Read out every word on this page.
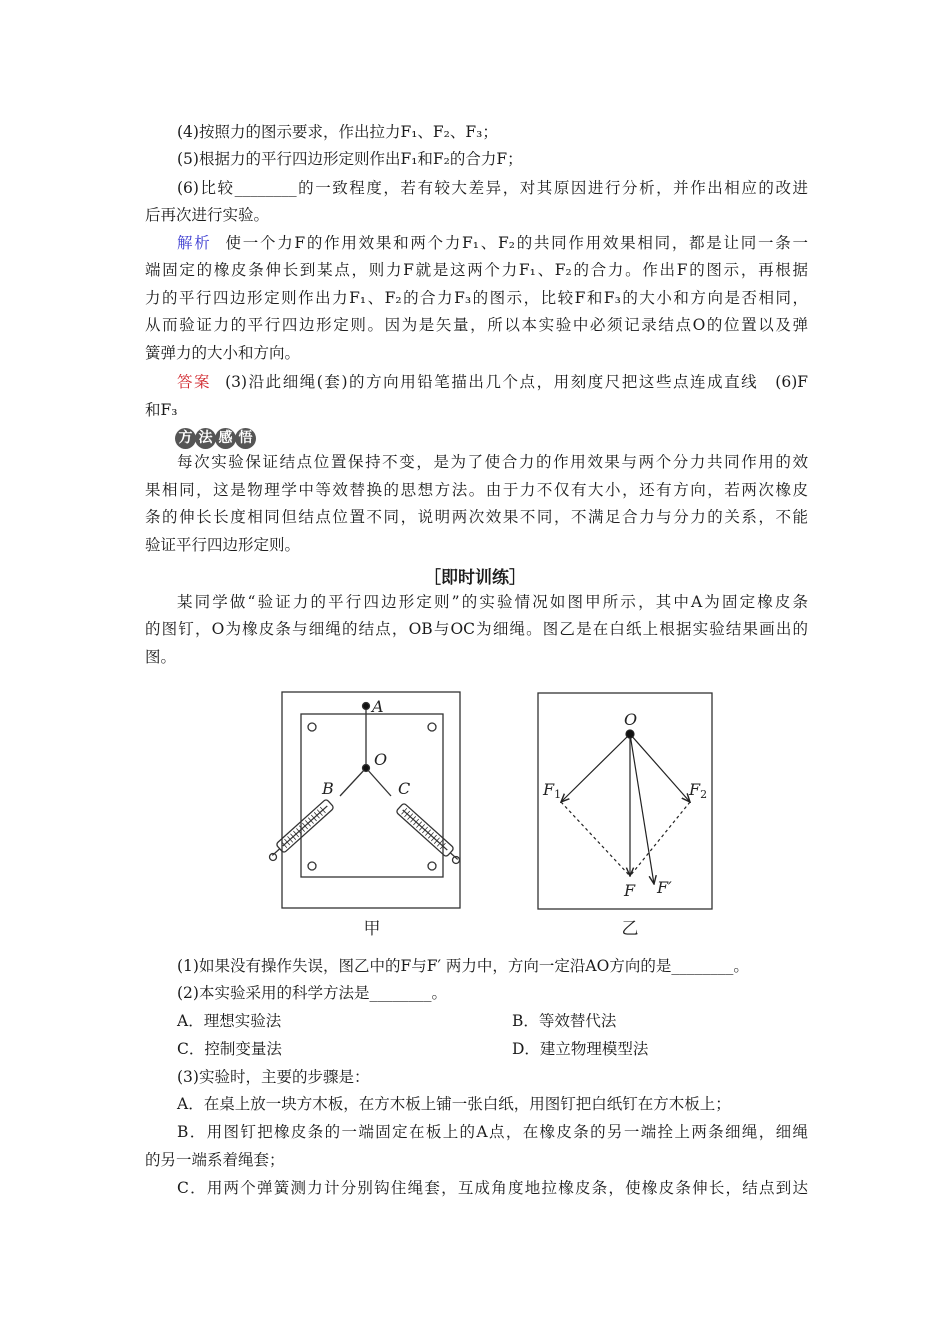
(4)按照力的图示要求，作出拉力F₁、F₂、F₃；
(5)根据力的平行四边形定则作出F₁和F₂的合力F；
(6)比较________的一致程度，若有较大差异，对其原因进行分析，并作出相应的改进
后再次进行实验。
解析 使一个力F的作用效果和两个力F₁、F₂的共同作用效果相同，都是让同一条一
端固定的橡皮条伸长到某点，则力F就是这两个力F₁、F₂的合力。作出F的图示，再根据
力的平行四边形定则作出力F₁、F₂的合力F₃的图示，比较F和F₃的大小和方向是否相同，
从而验证力的平行四边形定则。因为是矢量，所以本实验中必须记录结点O的位置以及弹
簧弹力的大小和方向。
答案 (3)沿此细绳(套)的方向用铅笔描出几个点，用刻度尺把这些点连成直线　(6)F
和F₃
方 法 感 悟
每次实验保证结点位置保持不变，是为了使合力的作用效果与两个分力共同作用的效
果相同，这是物理学中等效替换的思想方法。由于力不仅有大小，还有方向，若两次橡皮
条的伸长长度相同但结点位置不同，说明两次效果不同，不满足合力与分力的关系，不能
验证平行四边形定则。
［即时训练］
某同学做“验证力的平行四边形定则”的实验情况如图甲所示，其中A为固定橡皮条
的图钉，O为橡皮条与细绳的结点，OB与OC为细绳。图乙是在白纸上根据实验结果画出的
图。
A
O
B	C
甲
O
F1	F2
F F′
乙
(1)如果没有操作失误，图乙中的F与F′ 两力中，方向一定沿AO方向的是________。
(2)本实验采用的科学方法是________。
A．理想实验法	B．等效替代法
C．控制变量法	D．建立物理模型法
(3)实验时，主要的步骤是：
A．在桌上放一块方木板，在方木板上铺一张白纸，用图钉把白纸钉在方木板上；
B．用图钉把橡皮条的一端固定在板上的A点，在橡皮条的另一端拴上两条细绳，细绳
的另一端系着绳套；
C．用两个弹簧测力计分别钩住绳套，互成角度地拉橡皮条，使橡皮条伸长，结点到达
